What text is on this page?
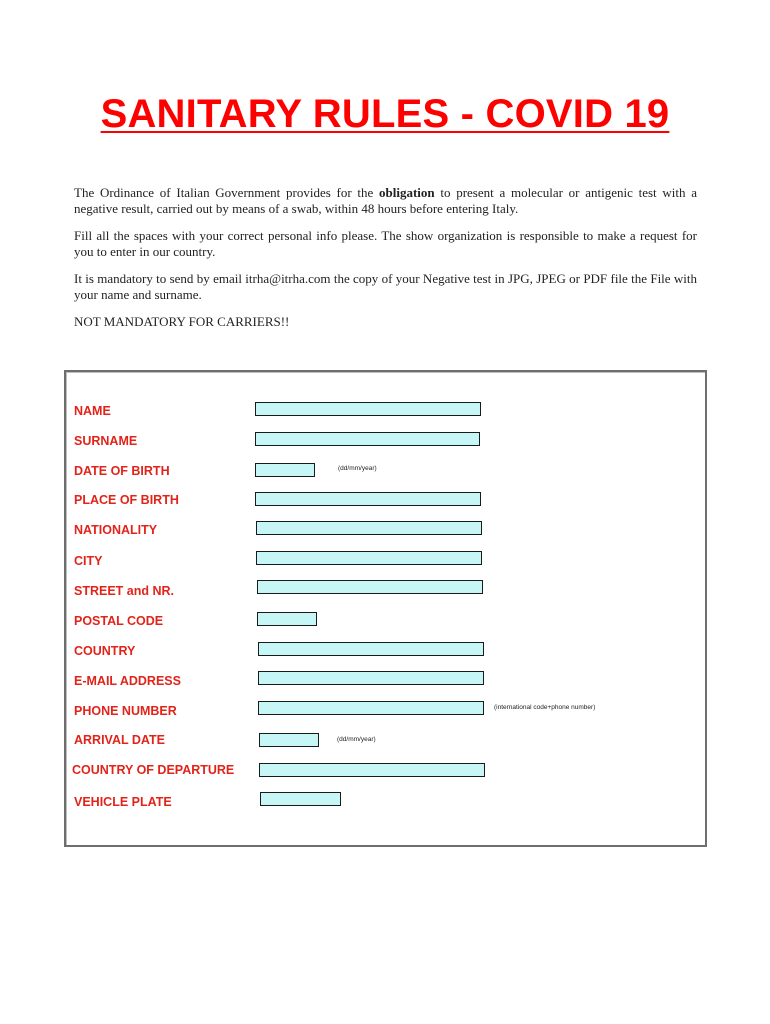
SANITARY RULES - COVID 19

The Ordinance of Italian Government provides for the obligation to present a molecular or antigenic test with a negative result, carried out by means of a swab, within 48 hours before entering Italy.

Fill all the spaces with your correct personal info please. The show organization is responsible to make a request for you to enter in our country.

It is mandatory to send by email itrha@itrha.com the copy of your Negative test in JPG, JPEG or PDF file the File with your name and surname.

NOT MANDATORY FOR CARRIERS!!

NAME
SURNAME
DATE OF BIRTH
PLACE OF BIRTH
NATIONALITY
CITY
STREET and NR.
POSTAL CODE
COUNTRY
E-MAIL ADDRESS
PHONE NUMBER
ARRIVAL DATE
COUNTRY OF DEPARTURE
VEHICLE PLATE
(dd/mm/year)
(international code+phone number)
(dd/mm/year)
